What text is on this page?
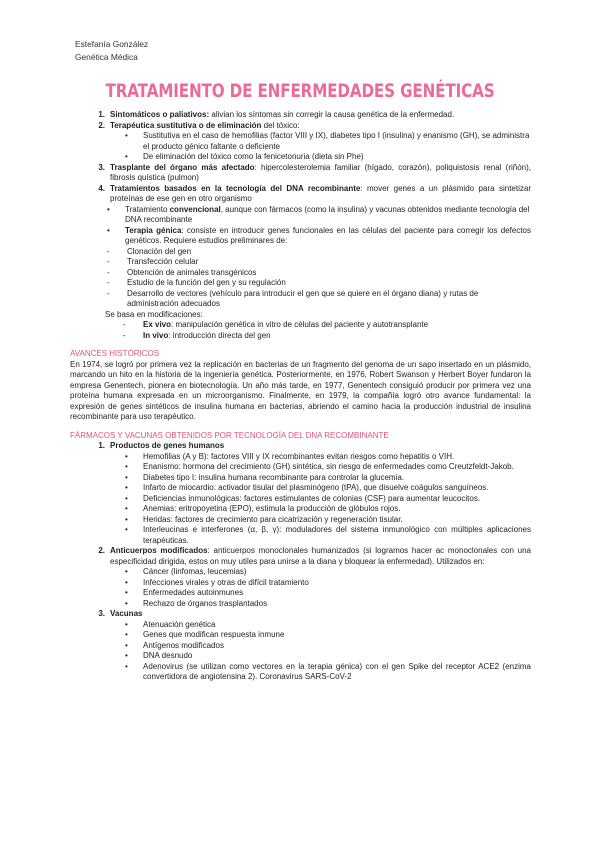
Estefanía González
Genética Médica
TRATAMIENTO DE ENFERMEDADES GENÉTICAS
1. Sintomáticos o paliativos: alivian los síntomas sin corregir la causa genética de la enfermedad.
2. Terapéutica sustitutiva o de eliminación del tóxico:
•	Sustitutiva en el caso de hemofilias (factor VIII y IX), diabetes tipo I (insulina) y enanismo (GH), se administra el producto génico faltante o deficiente
•	De eliminación del tóxico como la fenicetonuria (dieta sin Phe)
3. Trasplante del órgano más afectado: hipercolesterolemia familiar (hígado, corazón), poliquistosis renal (riñón), fibrosis quística (pulmon)
4. Tratamientos basados en la tecnología del DNA recombinante: mover genes a un plásmido para sintetizar proteínas de ese gen en otro organismo
•	Tratamiento convencional, aunque con fármacos (como la insulina) y vacunas obtenidos mediante tecnología del DNA recombinante
•	Terapia génica: consiste en introducir genes funcionales en las células del paciente para corregir los defectos genéticos. Requiere estudios preliminares de:
-	Clonación del gen
-	Transfección celular
-	Obtención de animales transgénicos
-	Estudio de la función del gen y su regulación
-	Desarrollo de vectores (vehículo para introducir el gen que se quiere en el órgano diana) y rutas de administración adecuados
Se basa en modificaciones:
-	Ex vivo: manipulación genética in vitro de células del paciente y autotransplante
-	In vivo: introducción directa del gen
AVANCES HISTÓRICOS
En 1974, se logró por primera vez la replicación en bacterias de un fragmento del genoma de un sapo insertado en un plásmido, marcando un hito en la historia de la ingeniería genética. Posteriormente, en 1976, Robert Swanson y Herbert Boyer fundaron la empresa Genentech, pionera en biotecnología. Un año más tarde, en 1977, Genentech consiguió producir por primera vez una proteína humana expresada en un microorganismo. Finalmente, en 1979, la compañía logró otro avance fundamental: la expresión de genes sintéticos de insulina humana en bacterias, abriendo el camino hacia la producción industrial de insulina recombinante para uso terapéutico.
FÁRMACOS Y VACUNAS OBTENIDOS POR TECNOLOGÍA DEL DNA RECOMBINANTE
1. Productos de genes humanos
•	Hemofilias (A y B): factores VIII y IX recombinantes evitan riesgos como hepatitis o VIH.
•	Enanismo: hormona del crecimiento (GH) sintética, sin riesgo de enfermedades como Creutzfeldt-Jakob.
•	Diabetes tipo I: insulina humana recombinante para controlar la glucemia.
•	Infarto de miocardio: activador tisular del plasminógeno (tPA), que disuelve coágulos sanguíneos.
•	Deficiencias inmunológicas: factores estimulantes de colonias (CSF) para aumentar leucocitos.
•	Anemias: eritropoyetina (EPO), estimula la producción de glóbulos rojos.
•	Heridas: factores de crecimiento para cicatrización y regeneración tisular.
•	Interleucinas e interferones (α, β, γ): moduladores del sistema inmunológico con múltiples aplicaciones terapéuticas.
2. Anticuerpos modificados: anticuerpos monoclonales humanizados (si logramos hacer ac monoclonales con una especificidad dirigida, estos on muy utiles para unirse a la diana y bloquear la enfermedad). Utilizados en:
•	Cáncer (linfomas, leucemias)
•	Infecciones virales y otras de difícil tratamiento
•	Enfermedades autoinmunes
•	Rechazo de órganos trasplantados
3. Vacunas
•	Atenuación genética
•	Genes que modifican respuesta inmune
•	Antígenos modificados
•	DNA desnudo
•	Adenovirus (se utilizan como vectores en la terapia génica) con el gen Spike del receptor ACE2 (enzima convertidora de angiotensina 2). Coronavirus SARS-CoV-2
